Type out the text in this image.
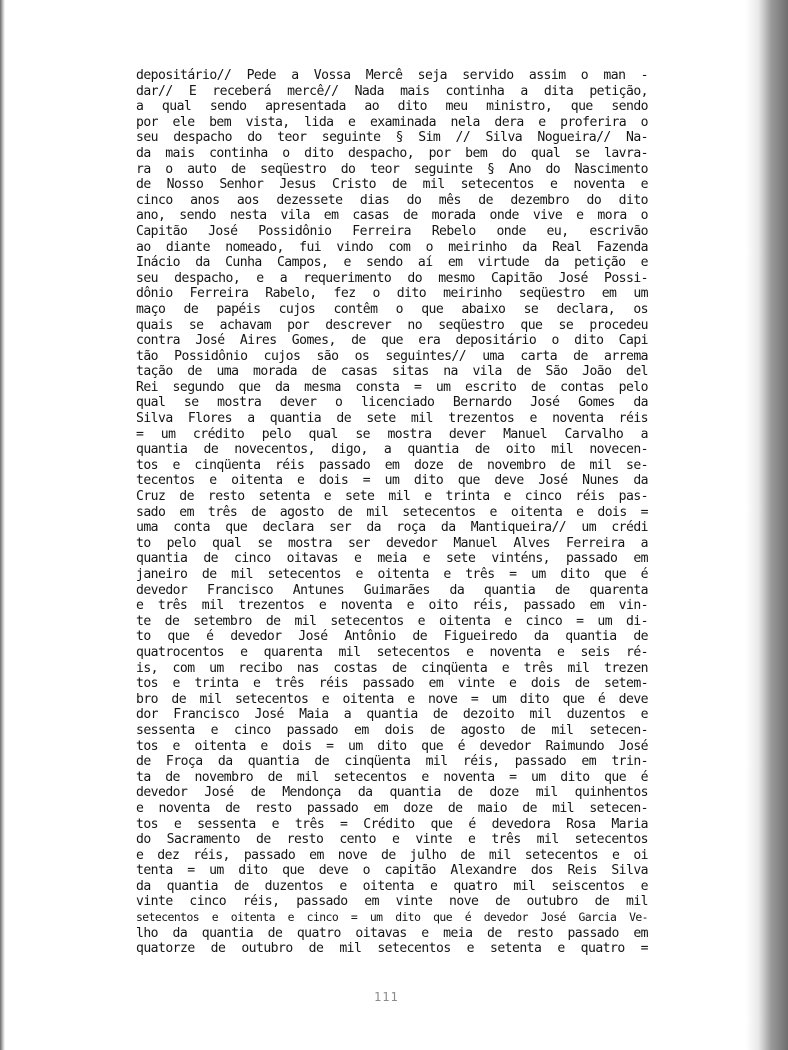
depositário// Pede a Vossa Mercê seja servido assim o man -
dar// E receberá mercê// Nada mais continha a dita petição,
a qual sendo apresentada ao dito meu ministro, que sendo
por ele bem vista, lida e examinada nela dera e proferira o
seu despacho do teor seguinte § Sim // Silva Nogueira// Na-
da mais continha o dito despacho, por bem do qual se lavra-
ra o auto de seqüestro do teor seguinte § Ano do Nascimento
de Nosso Senhor Jesus Cristo de mil setecentos e noventa e
cinco anos aos dezessete dias do mês de dezembro do dito
ano, sendo nesta vila em casas de morada onde vive e mora o
Capitão José Possidônio Ferreira Rebelo onde eu, escrivão
ao diante nomeado, fui vindo com o meirinho da Real Fazenda
Inácio da Cunha Campos, e sendo aí em virtude da petição e
seu despacho, e a requerimento do mesmo Capitão José Possi-
dônio Ferreira Rabelo, fez o dito meirinho seqüestro em um
maço de papéis cujos contêm o que abaixo se declara, os
quais se achavam por descrever no seqüestro que se procedeu
contra José Aires Gomes, de que era depositário o dito Capi
tão Possidônio cujos são os seguintes// uma carta de arrema
tação de uma morada de casas sitas na vila de São João del
Rei segundo que da mesma consta = um escrito de contas pelo
qual se mostra dever o licenciado Bernardo José Gomes da
Silva Flores a quantia de sete mil trezentos e noventa réis
= um crédito pelo qual se mostra dever Manuel Carvalho a
quantia de novecentos, digo, a quantia de oito mil novecen-
tos e cinqüenta réis passado em doze de novembro de mil se-
tecentos e oitenta e dois = um dito que deve José Nunes da
Cruz de resto setenta e sete mil e trinta e cinco réis pas-
sado em três de agosto de mil setecentos e oitenta e dois =
uma conta que declara ser da roça da Mantiqueira// um crédi
to pelo qual se mostra ser devedor Manuel Alves Ferreira a
quantia de cinco oitavas e meia e sete vinténs, passado em
janeiro de mil setecentos e oitenta e três = um dito que é
devedor Francisco Antunes Guimarães da quantia de quarenta
e três mil trezentos e noventa e oito réis, passado em vin-
te de setembro de mil setecentos e oitenta e cinco = um di-
to que é devedor José Antônio de Figueiredo da quantia de
quatrocentos e quarenta mil setecentos e noventa e seis ré-
is, com um recibo nas costas de cinqüenta e três mil trezen
tos e trinta e três réis passado em vinte e dois de setem-
bro de mil setecentos e oitenta e nove = um dito que é deve
dor Francisco José Maia a quantia de dezoito mil duzentos e
sessenta e cinco passado em dois de agosto de mil setecen-
tos e oitenta e dois = um dito que é devedor Raimundo José
de Froça da quantia de cinqüenta mil réis, passado em trin-
ta de novembro de mil setecentos e noventa = um dito que é
devedor José de Mendonça da quantia de doze mil quinhentos
e noventa de resto passado em doze de maio de mil setecen-
tos e sessenta e três = Crédito que é devedora Rosa Maria
do Sacramento de resto cento e vinte e três mil setecentos
e dez réis, passado em nove de julho de mil setecentos e oi
tenta = um dito que deve o capitão Alexandre dos Reis Silva
da quantia de duzentos e oitenta e quatro mil seiscentos e
vinte cinco réis, passado em vinte nove de outubro de mil
setecentos e oitenta e cinco = um dito que é devedor José Garcia Ve-
lho da quantia de quatro oitavas e meia de resto passado em
quatorze de outubro de mil setecentos e setenta e quatro =
111
